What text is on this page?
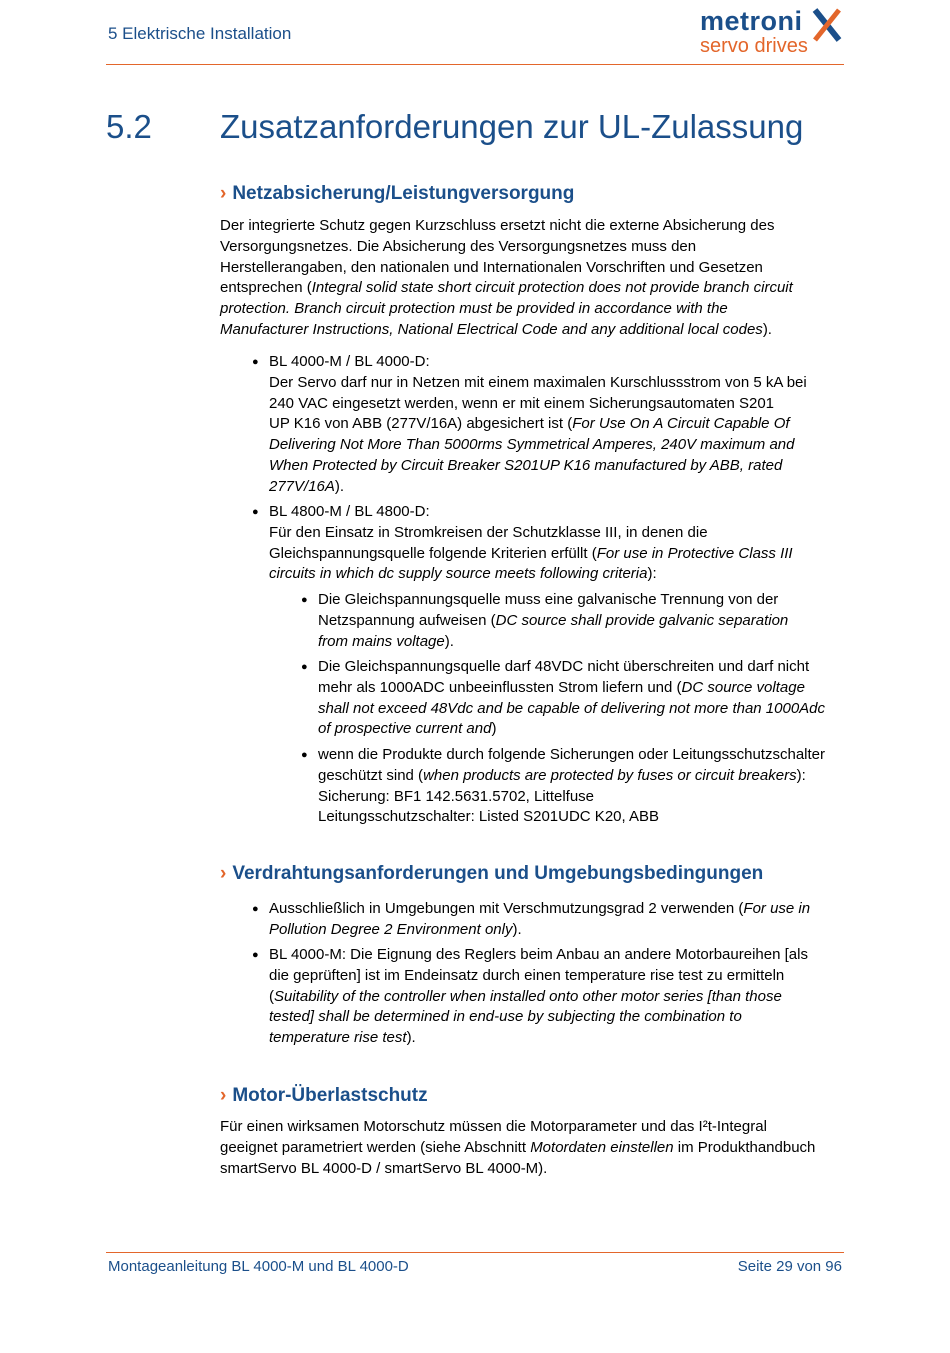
5 Elektrische Installation	metroni
servo drives
5.2 Zusatzanforderungen zur UL-Zulassung
› Netzabsicherung/Leistungversorgung
Der integrierte Schutz gegen Kurzschluss ersetzt nicht die externe Absicherung des
Versorgungsnetzes. Die Absicherung des Versorgungsnetzes muss den
Herstellerangaben, den nationalen und Internationalen Vorschriften und Gesetzen
entsprechen (Integral solid state short circuit protection does not provide branch circuit
protection. Branch circuit protection must be provided in accordance with the
Manufacturer Instructions, National Electrical Code and any additional local codes).
● BL 4000-M / BL 4000-D:
Der Servo darf nur in Netzen mit einem maximalen Kurschlussstrom von 5 kA bei
240 VAC eingesetzt werden, wenn er mit einem Sicherungsautomaten S201
UP K16 von ABB (277V/16A) abgesichert ist (For Use On A Circuit Capable Of
Delivering Not More Than 5000rms Symmetrical Amperes, 240V maximum and
When Protected by Circuit Breaker S201UP K16 manufactured by ABB, rated
277V/16A).
● BL 4800-M / BL 4800-D:
Für den Einsatz in Stromkreisen der Schutzklasse III, in denen die
Gleichspannungsquelle folgende Kriterien erfüllt (For use in Protective Class III
circuits in which dc supply source meets following criteria):
● Die Gleichspannungsquelle muss eine galvanische Trennung von der
Netzspannung aufweisen (DC source shall provide galvanic separation
from mains voltage).
● Die Gleichspannungsquelle darf 48VDC nicht überschreiten und darf nicht
mehr als 1000ADC unbeeinflussten Strom liefern und (DC source voltage
shall not exceed 48Vdc and be capable of delivering not more than 1000Adc
of prospective current and)
● wenn die Produkte durch folgende Sicherungen oder Leitungsschutzschalter
geschützt sind (when products are protected by fuses or circuit breakers):
Sicherung: BF1 142.5631.5702, Littelfuse
Leitungsschutzschalter: Listed S201UDC K20, ABB
› Verdrahtungsanforderungen und Umgebungsbedingungen
● Ausschließlich in Umgebungen mit Verschmutzungsgrad 2 verwenden (For use in
Pollution Degree 2 Environment only).
● BL 4000-M: Die Eignung des Reglers beim Anbau an andere Motorbaureihen [als
die geprüften] ist im Endeinsatz durch einen temperature rise test zu ermitteln
(Suitability of the controller when installed onto other motor series [than those
tested] shall be determined in end-use by subjecting the combination to
temperature rise test).
› Motor-Überlastschutz
Für einen wirksamen Motorschutz müssen die Motorparameter und das I²t-Integral
geeignet parametriert werden (siehe Abschnitt Motordaten einstellen im Produkthandbuch
smartServo BL 4000-D / smartServo BL 4000-M).
Montageanleitung BL 4000-M und BL 4000-D	Seite 29 von 96
